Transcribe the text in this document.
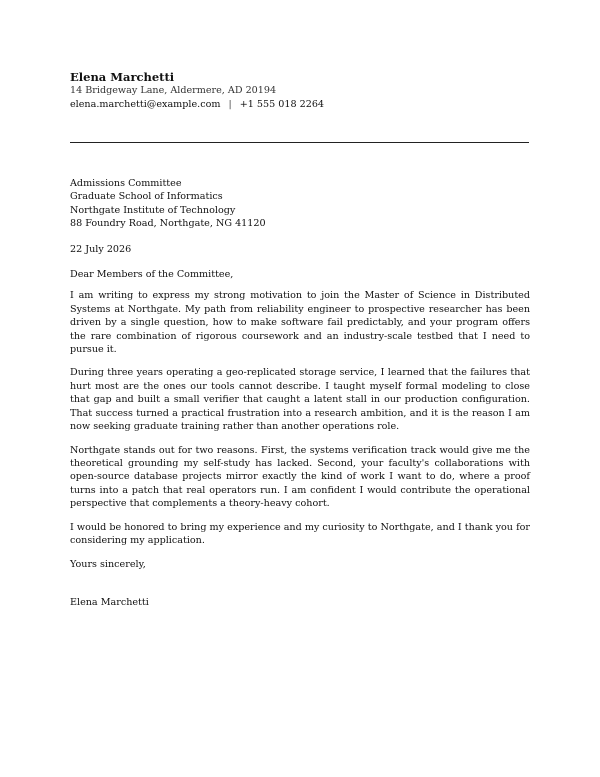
Elena Marchetti
14 Bridgeway Lane, Aldermere, AD 20194
elena.marchetti@example.com | +1 555 018 2264
Admissions Committee
Graduate School of Informatics
Northgate Institute of Technology
88 Foundry Road, Northgate, NG 41120
22 July 2026
Dear Members of the Committee,
I am writing to express my strong motivation to join the Master of Science in Distributed Systems at Northgate. My path from reliability engineer to prospective researcher has been driven by a single question, how to make software fail predictably, and your program offers the rare combination of rigorous coursework and an industry-scale testbed that I need to pursue it.
During three years operating a geo-replicated storage service, I learned that the failures that hurt most are the ones our tools cannot describe. I taught myself formal modeling to close that gap and built a small verifier that caught a latent stall in our production configuration. That success turned a practical frustration into a research ambition, and it is the reason I am now seeking graduate training rather than another operations role.
Northgate stands out for two reasons. First, the systems verification track would give me the theoretical grounding my self-study has lacked. Second, your faculty's collaborations with open-source database projects mirror exactly the kind of work I want to do, where a proof turns into a patch that real operators run. I am confident I would contribute the operational perspective that complements a theory-heavy cohort.
I would be honored to bring my experience and my curiosity to Northgate, and I thank you for considering my application.
Yours sincerely,
Elena Marchetti
